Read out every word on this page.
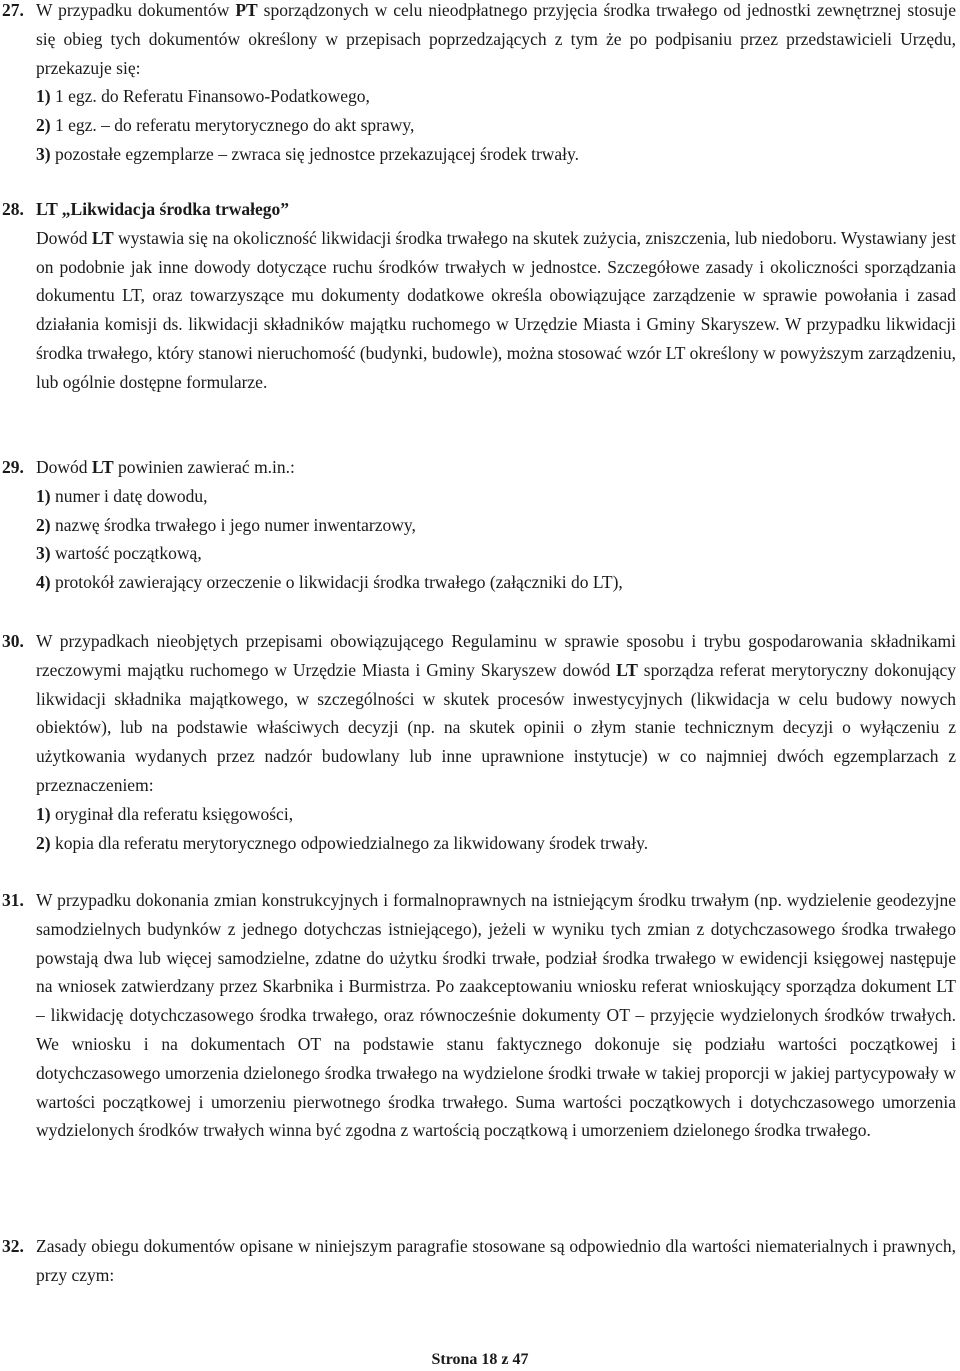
27. W przypadku dokumentów PT sporządzonych w celu nieodpłatnego przyjęcia środka trwałego od jednostki zewnętrznej stosuje się obieg tych dokumentów określony w przepisach poprzedzających z tym że po podpisaniu przez przedstawicieli Urzędu, przekazuje się:
1) 1 egz. do Referatu Finansowo-Podatkowego,
2) 1 egz. – do referatu merytorycznego do akt sprawy,
3) pozostałe egzemplarze – zwraca się jednostce przekazującej środek trwały.
28. LT „Likwidacja środka trwałego”
Dowód LT wystawia się na okoliczność likwidacji środka trwałego na skutek zużycia, zniszczenia, lub niedoboru. Wystawiany jest on podobnie jak inne dowody dotyczące ruchu środków trwałych w jednostce. Szczegółowe zasady i okoliczności sporządzania dokumentu LT, oraz towarzyszące mu dokumenty dodatkowe określa obowiązujące zarządzenie w sprawie powołania i zasad działania komisji ds. likwidacji składników majątku ruchomego w Urzędzie Miasta i Gminy Skaryszew. W przypadku likwidacji środka trwałego, który stanowi nieruchomość (budynki, budowle), można stosować wzór LT określony w powyższym zarządzeniu, lub ogólnie dostępne formularze.
29. Dowód LT powinien zawierać m.in.:
1) numer i datę dowodu,
2) nazwę środka trwałego i jego numer inwentarzowy,
3) wartość początkową,
4) protokół zawierający orzeczenie o likwidacji środka trwałego (załączniki do LT),
30. W przypadkach nieobjętych przepisami obowiązującego Regulaminu w sprawie sposobu i trybu gospodarowania składnikami rzeczowymi majątku ruchomego w Urzędzie Miasta i Gminy Skaryszew dowód LT sporządza referat merytoryczny dokonujący likwidacji składnika majątkowego, w szczególności w skutek procesów inwestycyjnych (likwidacja w celu budowy nowych obiektów), lub na podstawie właściwych decyzji (np. na skutek opinii o złym stanie technicznym decyzji o wyłączeniu z użytkowania wydanych przez nadzór budowlany lub inne uprawnione instytucje) w co najmniej dwóch egzemplarzach z przeznaczeniem:
1) oryginał dla referatu księgowości,
2) kopia dla referatu merytorycznego odpowiedzialnego za likwidowany środek trwały.
31. W przypadku dokonania zmian konstrukcyjnych i formalnoprawnych na istniejącym środku trwałym (np. wydzielenie geodezyjne samodzielnych budynków z jednego dotychczas istniejącego), jeżeli w wyniku tych zmian z dotychczasowego środka trwałego powstają dwa lub więcej samodzielne, zdatne do użytku środki trwałe, podział środka trwałego w ewidencji księgowej następuje na wniosek zatwierdzany przez Skarbnika i Burmistrza. Po zaakceptowaniu wniosku referat wnioskujący sporządza dokument LT – likwidację dotychczasowego środka trwałego, oraz równocześnie dokumenty OT – przyjęcie wydzielonych środków trwałych. We wniosku i na dokumentach OT na podstawie stanu faktycznego dokonuje się podziału wartości początkowej i dotychczasowego umorzenia dzielonego środka trwałego na wydzielone środki trwałe w takiej proporcji w jakiej partycypowały w wartości początkowej i umorzeniu pierwotnego środka trwałego. Suma wartości początkowych i dotychczasowego umorzenia wydzielonych środków trwałych winna być zgodna z wartością początkową i umorzeniem dzielonego środka trwałego.
32. Zasady obiegu dokumentów opisane w niniejszym paragrafie stosowane są odpowiednio dla wartości niematerialnych i prawnych, przy czym:
Strona 18 z 47
